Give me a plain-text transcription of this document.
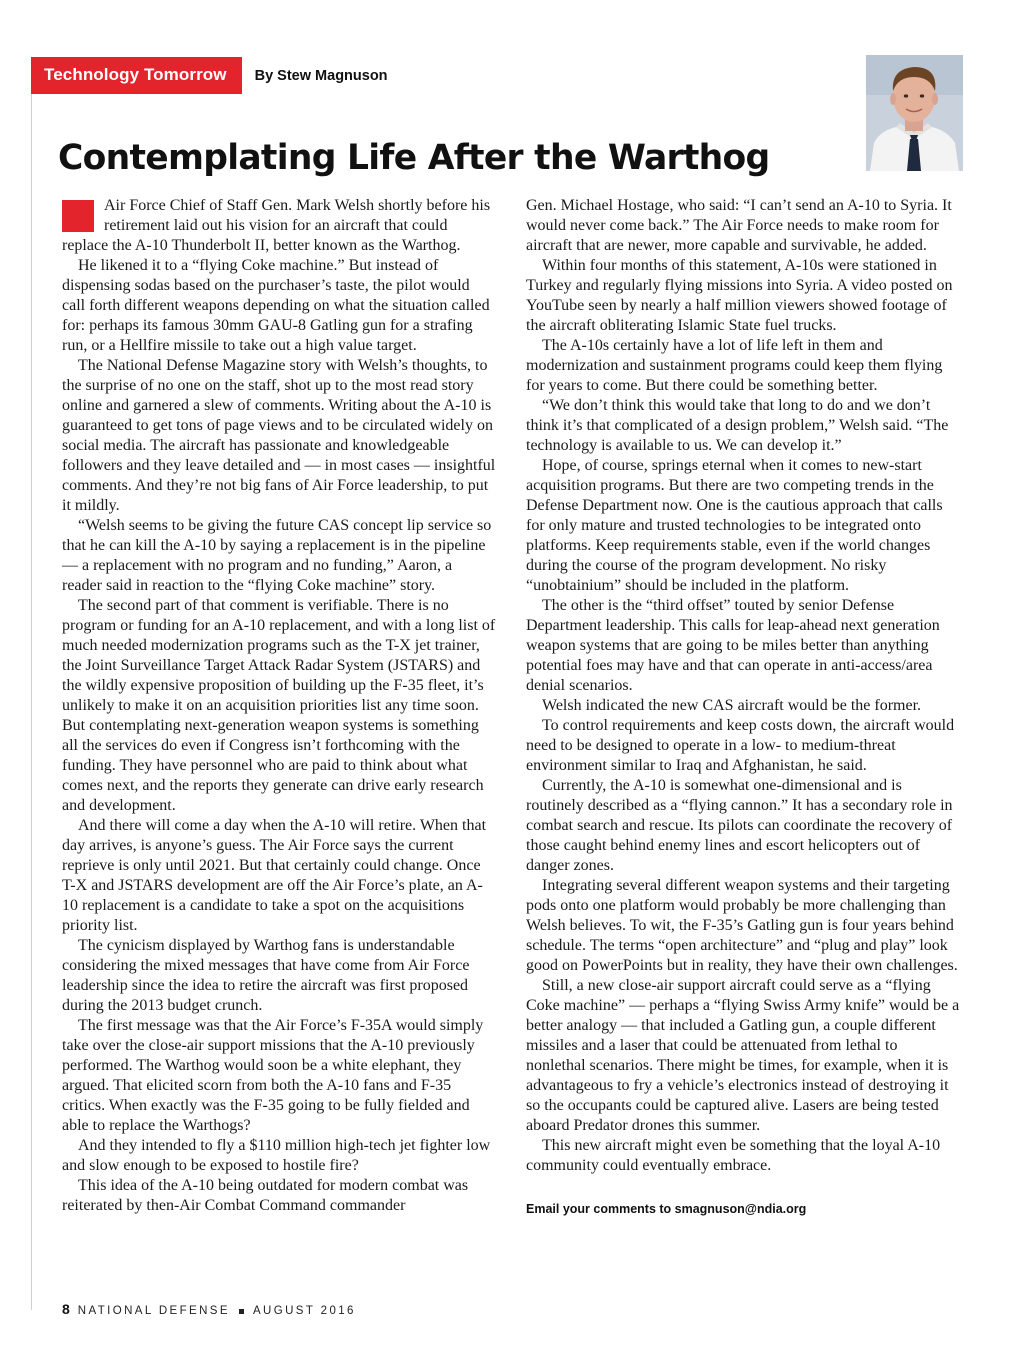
Technology Tomorrow	By Stew Magnuson
Contemplating Life After the Warthog

Air Force Chief of Staff Gen. Mark Welsh shortly before his retirement laid out his vision for an aircraft that could replace the A-10 Thunderbolt II, better known as the Warthog.

He likened it to a “flying Coke machine.” But instead of dispensing sodas based on the purchaser’s taste, the pilot would call forth different weapons depending on what the situation called for: perhaps its famous 30mm GAU-8 Gatling gun for a strafing run, or a Hellfire missile to take out a high value target.

The National Defense Magazine story with Welsh’s thoughts, to the surprise of no one on the staff, shot up to the most read story online and garnered a slew of comments. Writing about the A-10 is guaranteed to get tons of page views and to be circulated widely on social media. The aircraft has passionate and knowledgeable followers and they leave detailed and — in most cases — insightful comments. And they’re not big fans of Air Force leadership, to put it mildly.

“Welsh seems to be giving the future CAS concept lip service so that he can kill the A-10 by saying a replacement is in the pipeline — a replacement with no program and no funding,” Aaron, a reader said in reaction to the “flying Coke machine” story.

The second part of that comment is verifiable. There is no program or funding for an A-10 replacement, and with a long list of much needed modernization programs such as the T-X jet trainer, the Joint Surveillance Target Attack Radar System (JSTARS) and the wildly expensive proposition of building up the F-35 fleet, it’s unlikely to make it on an acquisition priorities list any time soon. But contemplating next-generation weapon systems is something all the services do even if Congress isn’t forthcoming with the funding. They have personnel who are paid to think about what comes next, and the reports they generate can drive early research and development.

And there will come a day when the A-10 will retire. When that day arrives, is anyone’s guess. The Air Force says the current reprieve is only until 2021. But that certainly could change. Once T-X and JSTARS development are off the Air Force’s plate, an A-10 replacement is a candidate to take a spot on the acquisitions priority list.

The cynicism displayed by Warthog fans is understandable considering the mixed messages that have come from Air Force leadership since the idea to retire the aircraft was first proposed during the 2013 budget crunch.

The first message was that the Air Force’s F-35A would simply take over the close-air support missions that the A-10 previously performed. The Warthog would soon be a white elephant, they argued. That elicited scorn from both the A-10 fans and F-35 critics. When exactly was the F-35 going to be fully fielded and able to replace the Warthogs?

And they intended to fly a $110 million high-tech jet fighter low and slow enough to be exposed to hostile fire?

This idea of the A-10 being outdated for modern combat was reiterated by then-Air Combat Command commander

Gen. Michael Hostage, who said: “I can’t send an A-10 to Syria. It would never come back.” The Air Force needs to make room for aircraft that are newer, more capable and survivable, he added.

Within four months of this statement, A-10s were stationed in Turkey and regularly flying missions into Syria. A video posted on YouTube seen by nearly a half million viewers showed footage of the aircraft obliterating Islamic State fuel trucks.

The A-10s certainly have a lot of life left in them and modernization and sustainment programs could keep them flying for years to come. But there could be something better.

“We don’t think this would take that long to do and we don’t think it’s that complicated of a design problem,” Welsh said. “The technology is available to us. We can develop it.”

Hope, of course, springs eternal when it comes to new-start acquisition programs. But there are two competing trends in the Defense Department now. One is the cautious approach that calls for only mature and trusted technologies to be integrated onto platforms. Keep requirements stable, even if the world changes during the course of the program development. No risky “unobtainium” should be included in the platform.

The other is the “third offset” touted by senior Defense Department leadership. This calls for leap-ahead next generation weapon systems that are going to be miles better than anything potential foes may have and that can operate in anti-access/area denial scenarios.

Welsh indicated the new CAS aircraft would be the former.

To control requirements and keep costs down, the aircraft would need to be designed to operate in a low- to medium-threat environment similar to Iraq and Afghanistan, he said.

Currently, the A-10 is somewhat one-dimensional and is routinely described as a “flying cannon.” It has a secondary role in combat search and rescue. Its pilots can coordinate the recovery of those caught behind enemy lines and escort helicopters out of danger zones.

Integrating several different weapon systems and their targeting pods onto one platform would probably be more challenging than Welsh believes. To wit, the F-35’s Gatling gun is four years behind schedule. The terms “open architecture” and “plug and play” look good on PowerPoints but in reality, they have their own challenges.

Still, a new close-air support aircraft could serve as a “flying Coke machine” — perhaps a “flying Swiss Army knife” would be a better analogy — that included a Gatling gun, a couple different missiles and a laser that could be attenuated from lethal to nonlethal scenarios. There might be times, for example, when it is advantageous to fry a vehicle’s electronics instead of destroying it so the occupants could be captured alive. Lasers are being tested aboard Predator drones this summer.

This new aircraft might even be something that the loyal A-10 community could eventually embrace.

Email your comments to smagnuson@ndia.org
8 NATIONAL DEFENSE AUGUST 2016
